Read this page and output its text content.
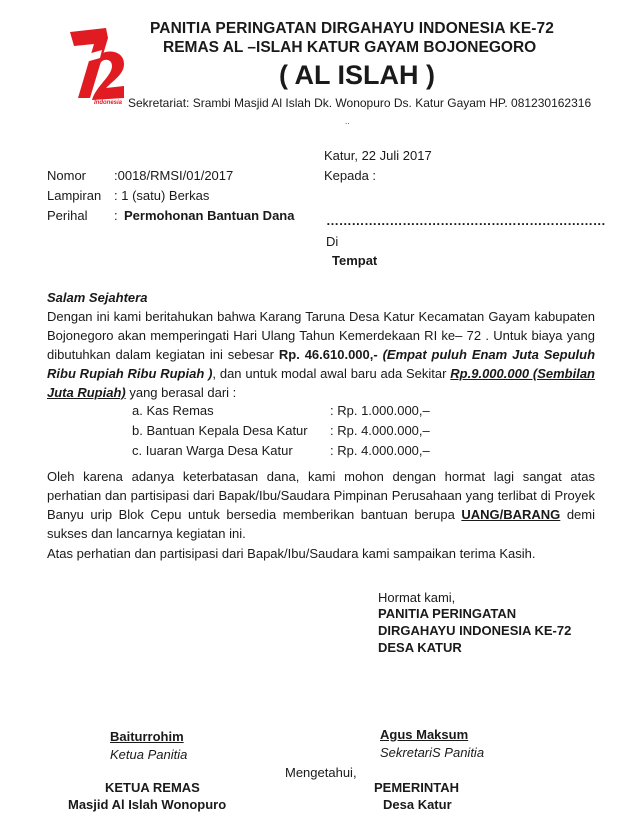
Indonesia
PANITIA PERINGATAN DIRGAHAYU INDONESIA KE-72
REMAS AL –ISLAH KATUR GAYAM BOJONEGORO
( AL ISLAH )
Sekretariat: Srambi Masjid Al Islah Dk. Wonopuro Ds. Katur Gayam HP. 081230162316
..
Katur, 22 Juli 2017
Nomor :0018/RMSI/01/2017	Kepada :
Lampiran : 1 (satu) Berkas
Perihal : Permohonan Bantuan Dana …………………………………………………………
Di
Tempat
Salam Sejahtera
Dengan ini kami beritahukan bahwa Karang Taruna Desa Katur Kecamatan Gayam kabupaten Bojonegoro akan memperingati Hari Ulang Tahun Kemerdekaan RI ke– 72 . Untuk biaya yang dibutuhkan dalam kegiatan ini sebesar Rp. 46.610.000,- (Empat puluh Enam Juta Sepuluh Ribu Rupiah Ribu Rupiah ), dan untuk modal awal baru ada Sekitar Rp.9.000.000 (Sembilan Juta Rupiah) yang berasal dari :
a. Kas Remas	: Rp. 1.000.000,–
b. Bantuan Kepala Desa Katur : Rp. 4.000.000,–
c. Iuaran Warga Desa Katur	: Rp. 4.000.000,–
Oleh karena adanya keterbatasan dana, kami mohon dengan hormat lagi sangat atas perhatian dan partisipasi dari Bapak/Ibu/Saudara Pimpinan Perusahaan yang terlibat di Proyek Banyu urip Blok Cepu untuk bersedia memberikan bantuan berupa UANG/BARANG demi sukses dan lancarnya kegiatan ini.
Atas perhatian dan partisipasi dari Bapak/Ibu/Saudara kami sampaikan terima Kasih.
Hormat kami,
PANITIA PERINGATAN
DIRGAHAYU INDONESIA KE-72
DESA KATUR
Baiturrohim
Ketua Panitia
Agus Maksum
SekretariS Panitia
Mengetahui,
KETUA REMAS
Masjid Al Islah Wonopuro
PEMERINTAH
Desa Katur
